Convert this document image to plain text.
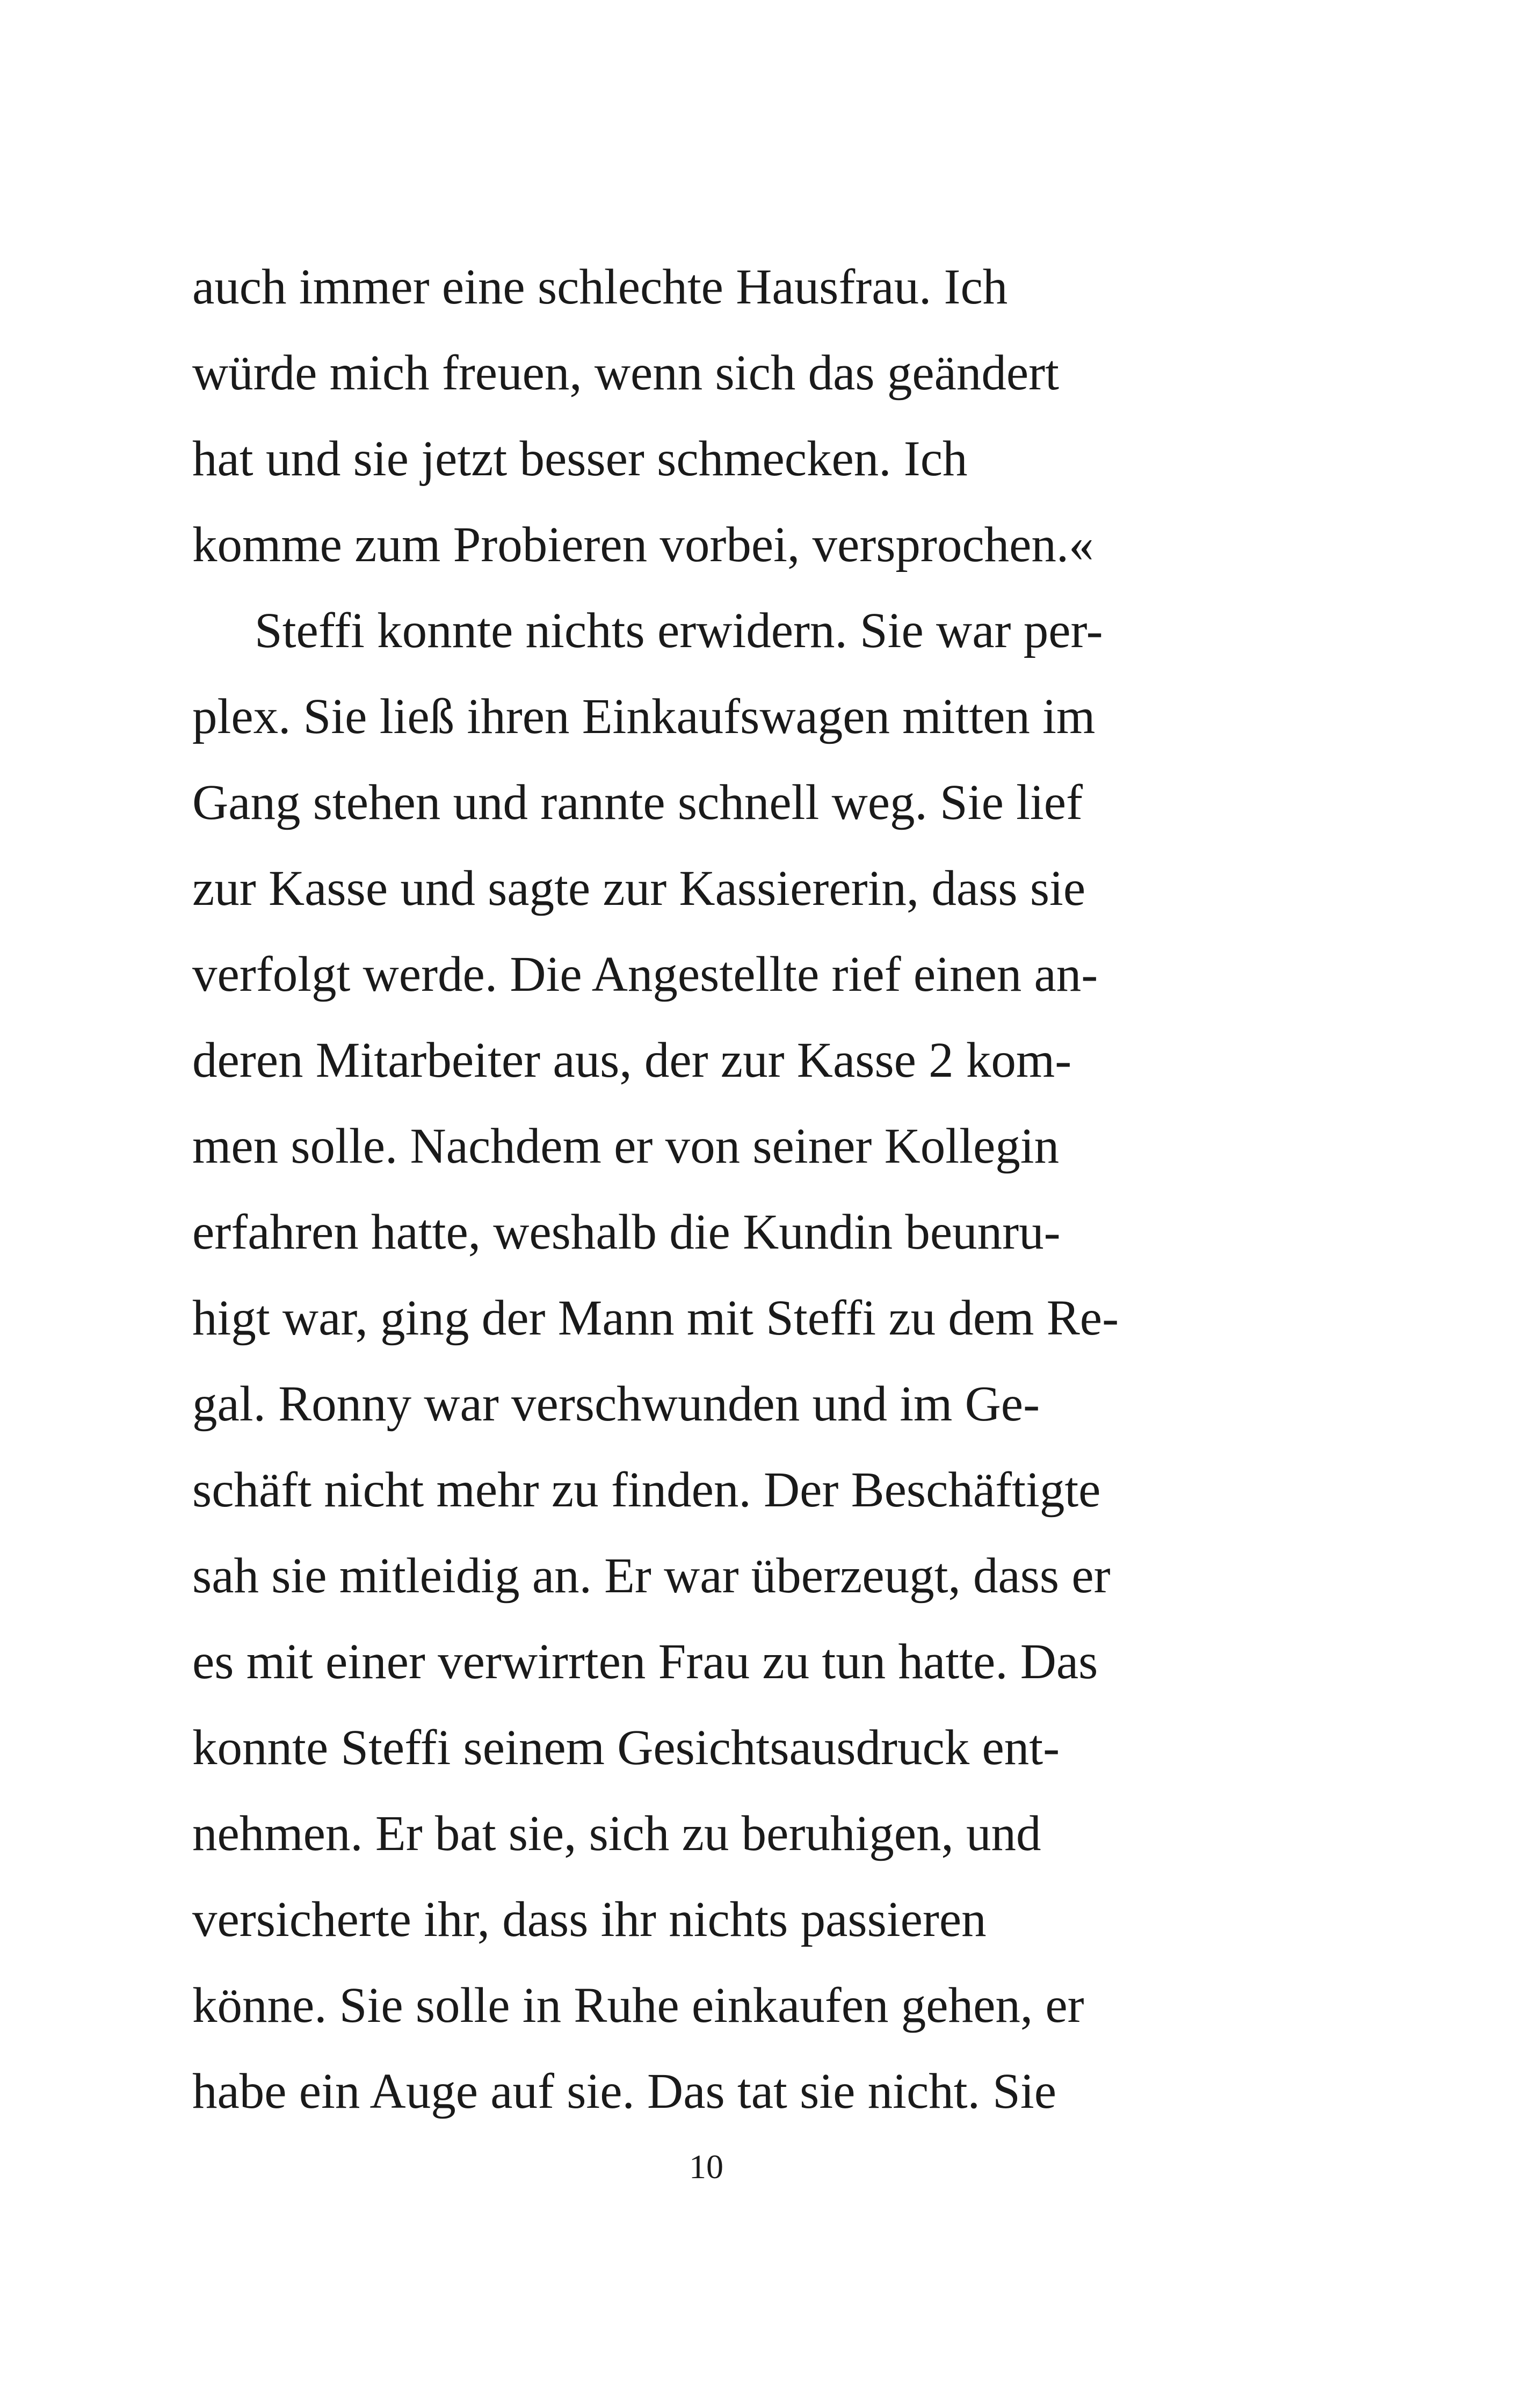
auch immer eine schlechte Hausfrau. Ich
würde mich freuen, wenn sich das geändert
hat und sie jetzt besser schmecken. Ich
komme zum Probieren vorbei, versprochen.«
Steffi konnte nichts erwidern. Sie war per-
plex. Sie ließ ihren Einkaufswagen mitten im
Gang stehen und rannte schnell weg. Sie lief
zur Kasse und sagte zur Kassiererin, dass sie
verfolgt werde. Die Angestellte rief einen an-
deren Mitarbeiter aus, der zur Kasse 2 kom-
men solle. Nachdem er von seiner Kollegin
erfahren hatte, weshalb die Kundin beunru-
higt war, ging der Mann mit Steffi zu dem Re-
gal. Ronny war verschwunden und im Ge-
schäft nicht mehr zu finden. Der Beschäftigte
sah sie mitleidig an. Er war überzeugt, dass er
es mit einer verwirrten Frau zu tun hatte. Das
konnte Steffi seinem Gesichtsausdruck ent-
nehmen. Er bat sie, sich zu beruhigen, und
versicherte ihr, dass ihr nichts passieren
könne. Sie solle in Ruhe einkaufen gehen, er
habe ein Auge auf sie. Das tat sie nicht. Sie
10
